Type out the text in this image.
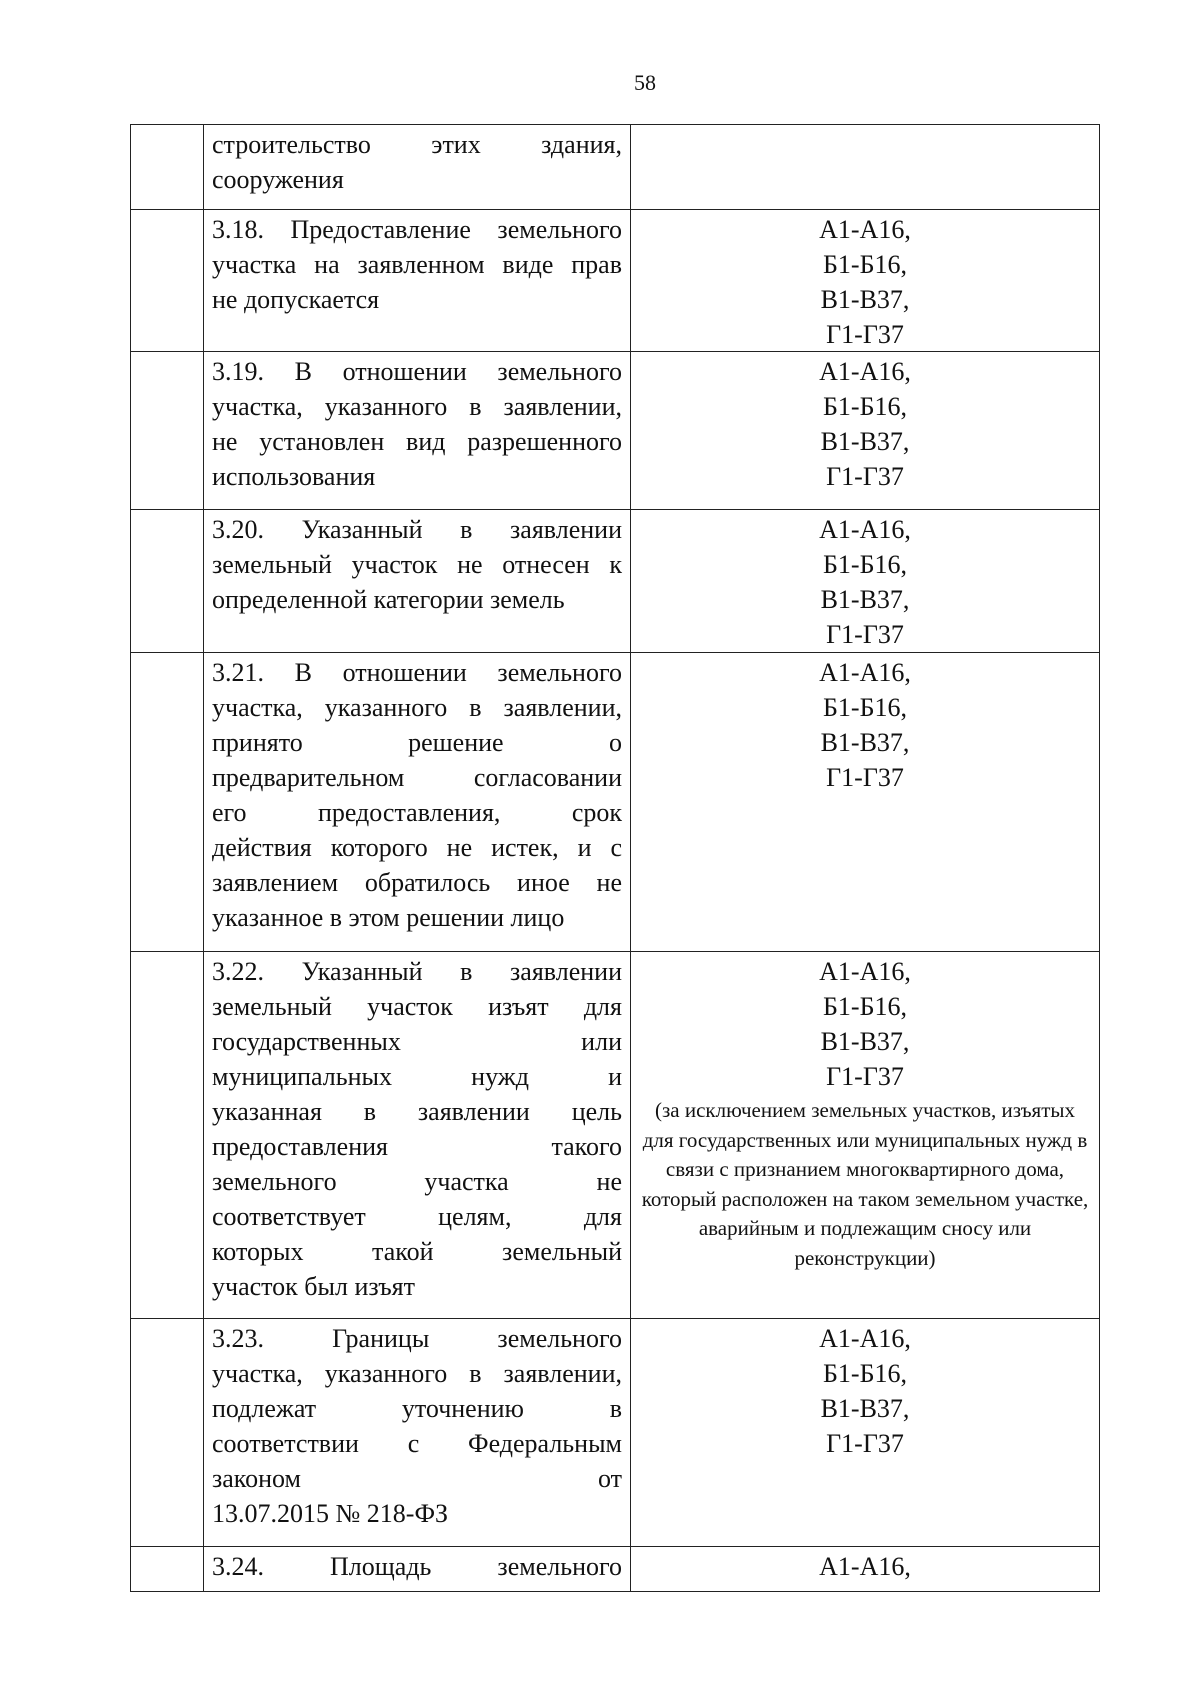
58
строительство этих здания,
сооружения
3.18. Предоставление земельного
участка на заявленном виде прав
не допускается
А1-А16,
Б1-Б16,
В1-В37,
Г1-Г37
3.19. В отношении земельного
участка, указанного в заявлении,
не установлен вид разрешенного
использования
А1-А16,
Б1-Б16,
В1-В37,
Г1-Г37
3.20. Указанный в заявлении
земельный участок не отнесен к
определенной категории земель
А1-А16,
Б1-Б16,
В1-В37,
Г1-Г37
3.21. В отношении земельного
участка, указанного в заявлении,
принято решение о
предварительном согласовании
его предоставления, срок
действия которого не истек, и с
заявлением обратилось иное не
указанное в этом решении лицо
А1-А16,
Б1-Б16,
В1-В37,
Г1-Г37
3.22. Указанный в заявлении
земельный участок изъят для
государственных или
муниципальных нужд и
указанная в заявлении цель
предоставления такого
земельного участка не
соответствует целям, для
которых такой земельный
участок был изъят
А1-А16,
Б1-Б16,
В1-В37,
Г1-Г37
(за исключением земельных участков, изъятых для государственных или муниципальных нужд в связи с признанием многоквартирного дома, который расположен на таком земельном участке, аварийным и подлежащим сносу или реконструкции)
3.23. Границы земельного
участка, указанного в заявлении,
подлежат уточнению в
соответствии с Федеральным
законом от
13.07.2015 № 218-ФЗ
А1-А16,
Б1-Б16,
В1-В37,
Г1-Г37
3.24. Площадь земельного	А1-А16,
